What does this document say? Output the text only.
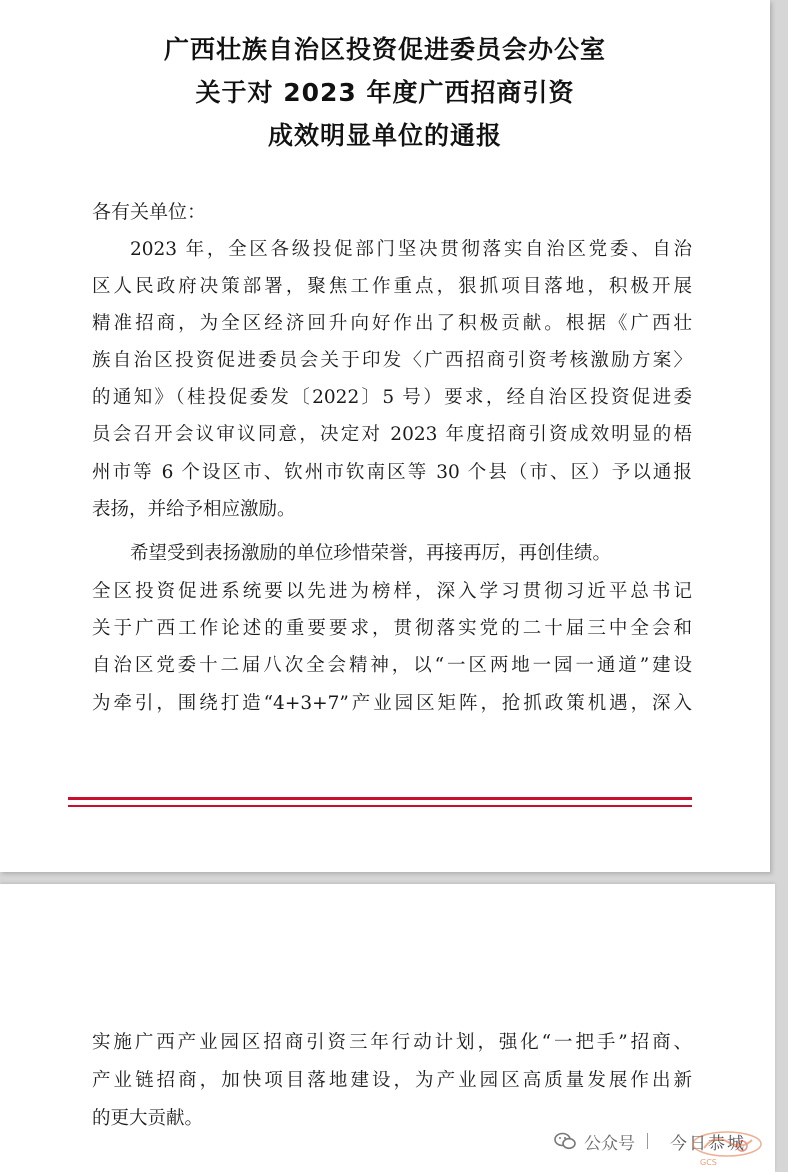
广西壮族自治区投资促进委员会办公室
关于对 2023 年度广西招商引资
成效明显单位的通报

各有关单位：

2023 年，全区各级投促部门坚决贯彻落实自治区党委、自治

区人民政府决策部署，聚焦工作重点，狠抓项目落地，积极开展

精准招商，为全区经济回升向好作出了积极贡献。根据《广西壮

族自治区投资促进委员会关于印发〈广西招商引资考核激励方案〉

的通知》（桂投促委发〔2022〕5 号）要求，经自治区投资促进委

员会召开会议审议同意，决定对 2023 年度招商引资成效明显的梧

州市等 6 个设区市、钦州市钦南区等 30 个县（市、区）予以通报

表扬，并给予相应激励。

希望受到表扬激励的单位珍惜荣誉，再接再厉，再创佳绩。

全区投资促进系统要以先进为榜样，深入学习贯彻习近平总书记

关于广西工作论述的重要要求，贯彻落实党的二十届三中全会和

自治区党委十二届八次全会精神，以“一区两地一园一通道”建设

为牵引，围绕打造“4+3+7”产业园区矩阵，抢抓政策机遇，深入

实施广西产业园区招商引资三年行动计划，强化“一把手”招商、

产业链招商，加快项目落地建设，为产业园区高质量发展作出新

的更大贡献。

公众号 今日恭城
GCS
